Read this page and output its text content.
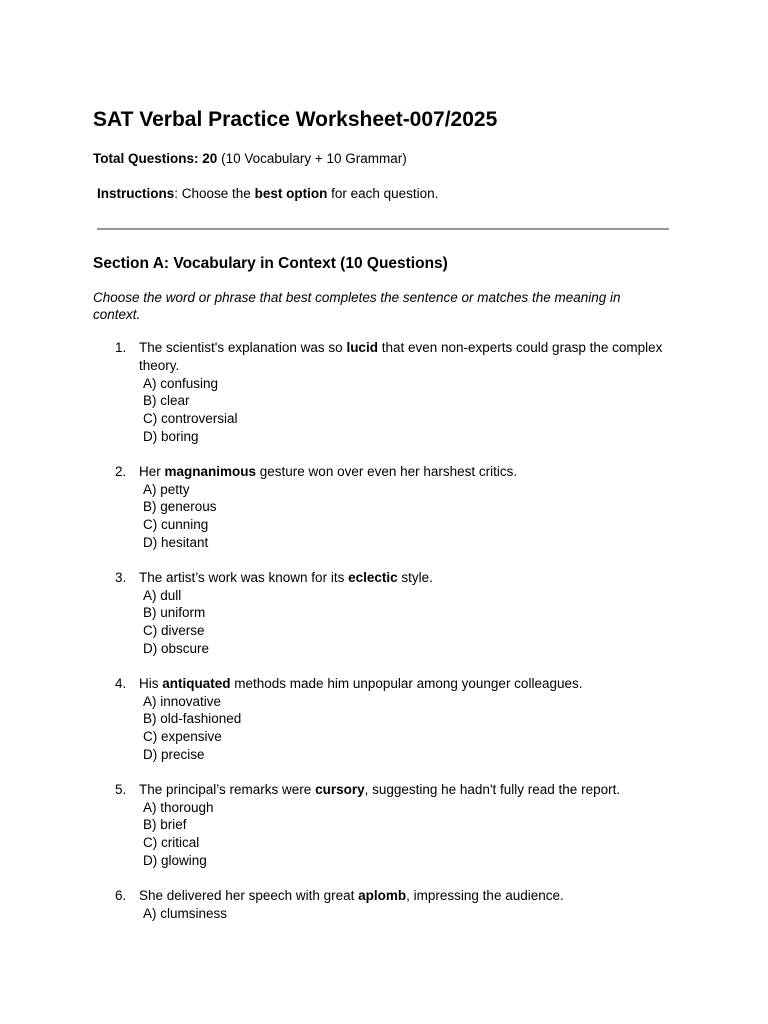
SAT Verbal Practice Worksheet-007/2025
Total Questions: 20 (10 Vocabulary + 10 Grammar)
Instructions: Choose the best option for each question.
Section A: Vocabulary in Context (10 Questions)
Choose the word or phrase that best completes the sentence or matches the meaning in context.
1. The scientist's explanation was so lucid that even non-experts could grasp the complex theory.
A) confusing
B) clear
C) controversial
D) boring
2. Her magnanimous gesture won over even her harshest critics.
A) petty
B) generous
C) cunning
D) hesitant
3. The artist’s work was known for its eclectic style.
A) dull
B) uniform
C) diverse
D) obscure
4. His antiquated methods made him unpopular among younger colleagues.
A) innovative
B) old-fashioned
C) expensive
D) precise
5. The principal’s remarks were cursory, suggesting he hadn't fully read the report.
A) thorough
B) brief
C) critical
D) glowing
6. She delivered her speech with great aplomb, impressing the audience.
A) clumsiness
